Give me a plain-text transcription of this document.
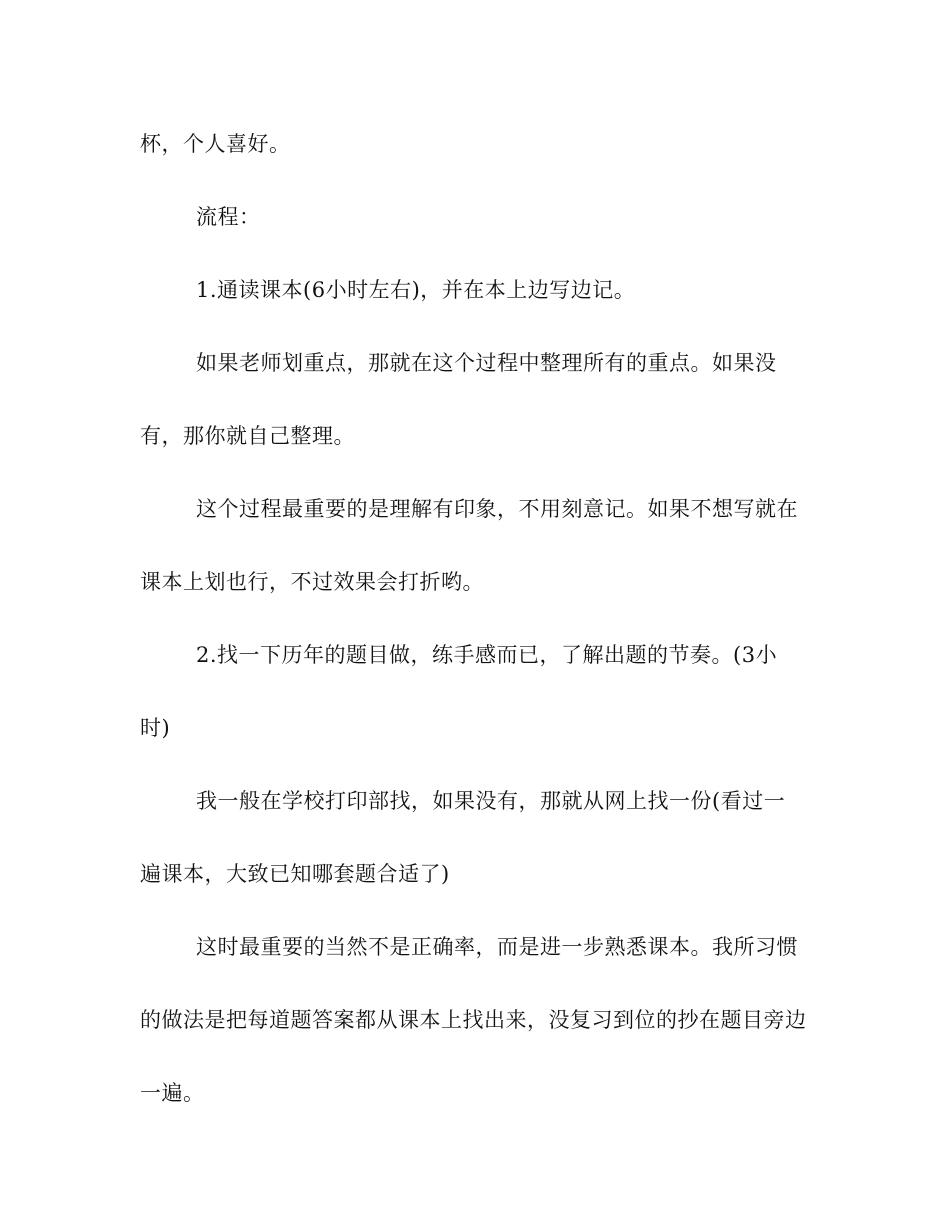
杯，个人喜好。
流程：
1.通读课本(6小时左右)，并在本上边写边记。
如果老师划重点，那就在这个过程中整理所有的重点。如果没
有，那你就自己整理。
这个过程最重要的是理解有印象，不用刻意记。如果不想写就在
课本上划也行，不过效果会打折哟。
2.找一下历年的题目做，练手感而已，了解出题的节奏。(3小
时)
我一般在学校打印部找，如果没有，那就从网上找一份(看过一
遍课本，大致已知哪套题合适了)
这时最重要的当然不是正确率，而是进一步熟悉课本。我所习惯
的做法是把每道题答案都从课本上找出来，没复习到位的抄在题目旁边
一遍。
